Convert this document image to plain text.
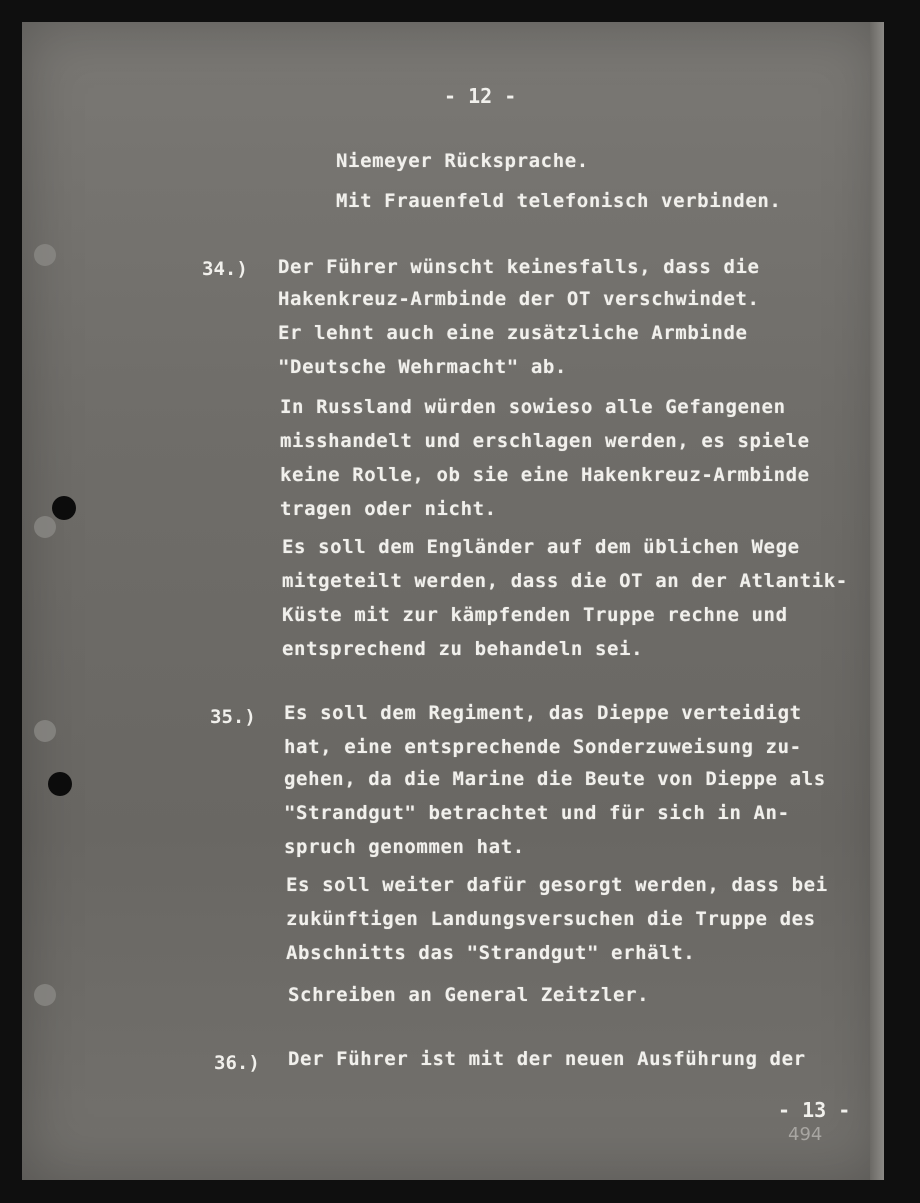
- 12 -
Niemeyer Rücksprache.
Mit Frauenfeld telefonisch verbinden.
34.) Der Führer wünscht keinesfalls, dass die
Hakenkreuz-Armbinde der OT verschwindet.
Er lehnt auch eine zusätzliche Armbinde
"Deutsche Wehrmacht" ab.
In Russland würden sowieso alle Gefangenen
misshandelt und erschlagen werden, es spiele
keine Rolle, ob sie eine Hakenkreuz-Armbinde
tragen oder nicht.
Es soll dem Engländer auf dem üblichen Wege
mitgeteilt werden, dass die OT an der Atlantik-
Küste mit zur kämpfenden Truppe rechne und
entsprechend zu behandeln sei.
35.) Es soll dem Regiment, das Dieppe verteidigt
hat, eine entsprechende Sonderzuweisung zu-
gehen, da die Marine die Beute von Dieppe als
"Strandgut" betrachtet und für sich in An-
spruch genommen hat.
Es soll weiter dafür gesorgt werden, dass bei
zukünftigen Landungsversuchen die Truppe des
Abschnitts das "Strandgut" erhält.
Schreiben an General Zeitzler.
36.) Der Führer ist mit der neuen Ausführung der
- 13 -
494
